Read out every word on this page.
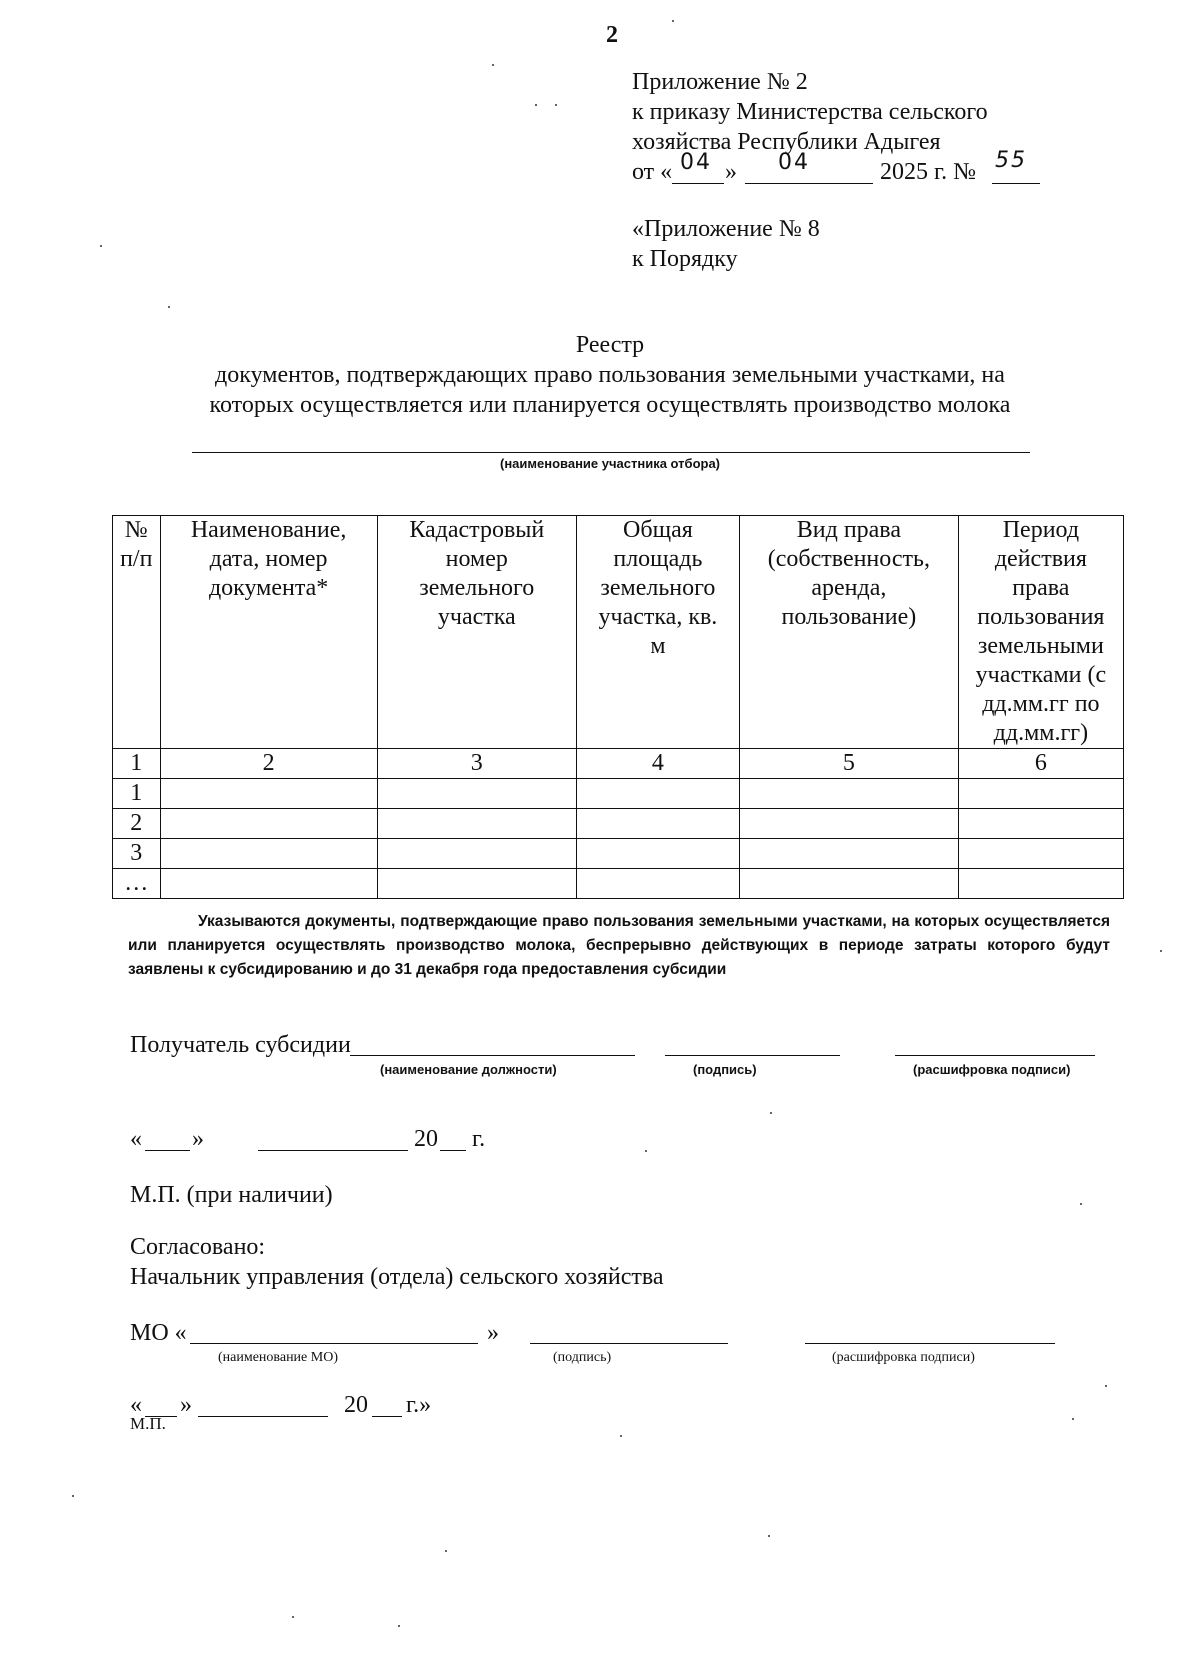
2
Приложение № 2
к приказу Министерства сельского
хозяйства Республики Адыгея
от « 04 » 04	2025 г. № 55
«Приложение № 8
к Порядку
Реестр
документов, подтверждающих право пользования земельными участками, на
которых осуществляется или планируется осуществлять производство молока
(наименование участника отбора)
№ п/п	Наименование, дата, номер документа*	Кадастровый номер земельного участка	Общая площадь земельного участка, кв. м	Вид права (собственность, аренда, пользование)	Период действия права пользования земельными участками (с дд.мм.гг по дд.мм.гг)
1	2	3	4	5	6
1					
2					
3					
…					
Указываются документы, подтверждающие право пользования земельными участками, на которых осуществляется или планируется осуществлять производство молока, беспрерывно действующих в периоде затраты которого будут заявлены к субсидированию и до 31 декабря года предоставления субсидии
Получатель субсидии
(наименование должности)	(подпись)	(расшифровка подписи)
« »	20 г.
М.П. (при наличии)
Согласовано:
Начальник управления (отдела) сельского хозяйства
МО «	»
(наименование МО)	(подпись)	(расшифровка подписи)
« »	20 г.»
М.П.
